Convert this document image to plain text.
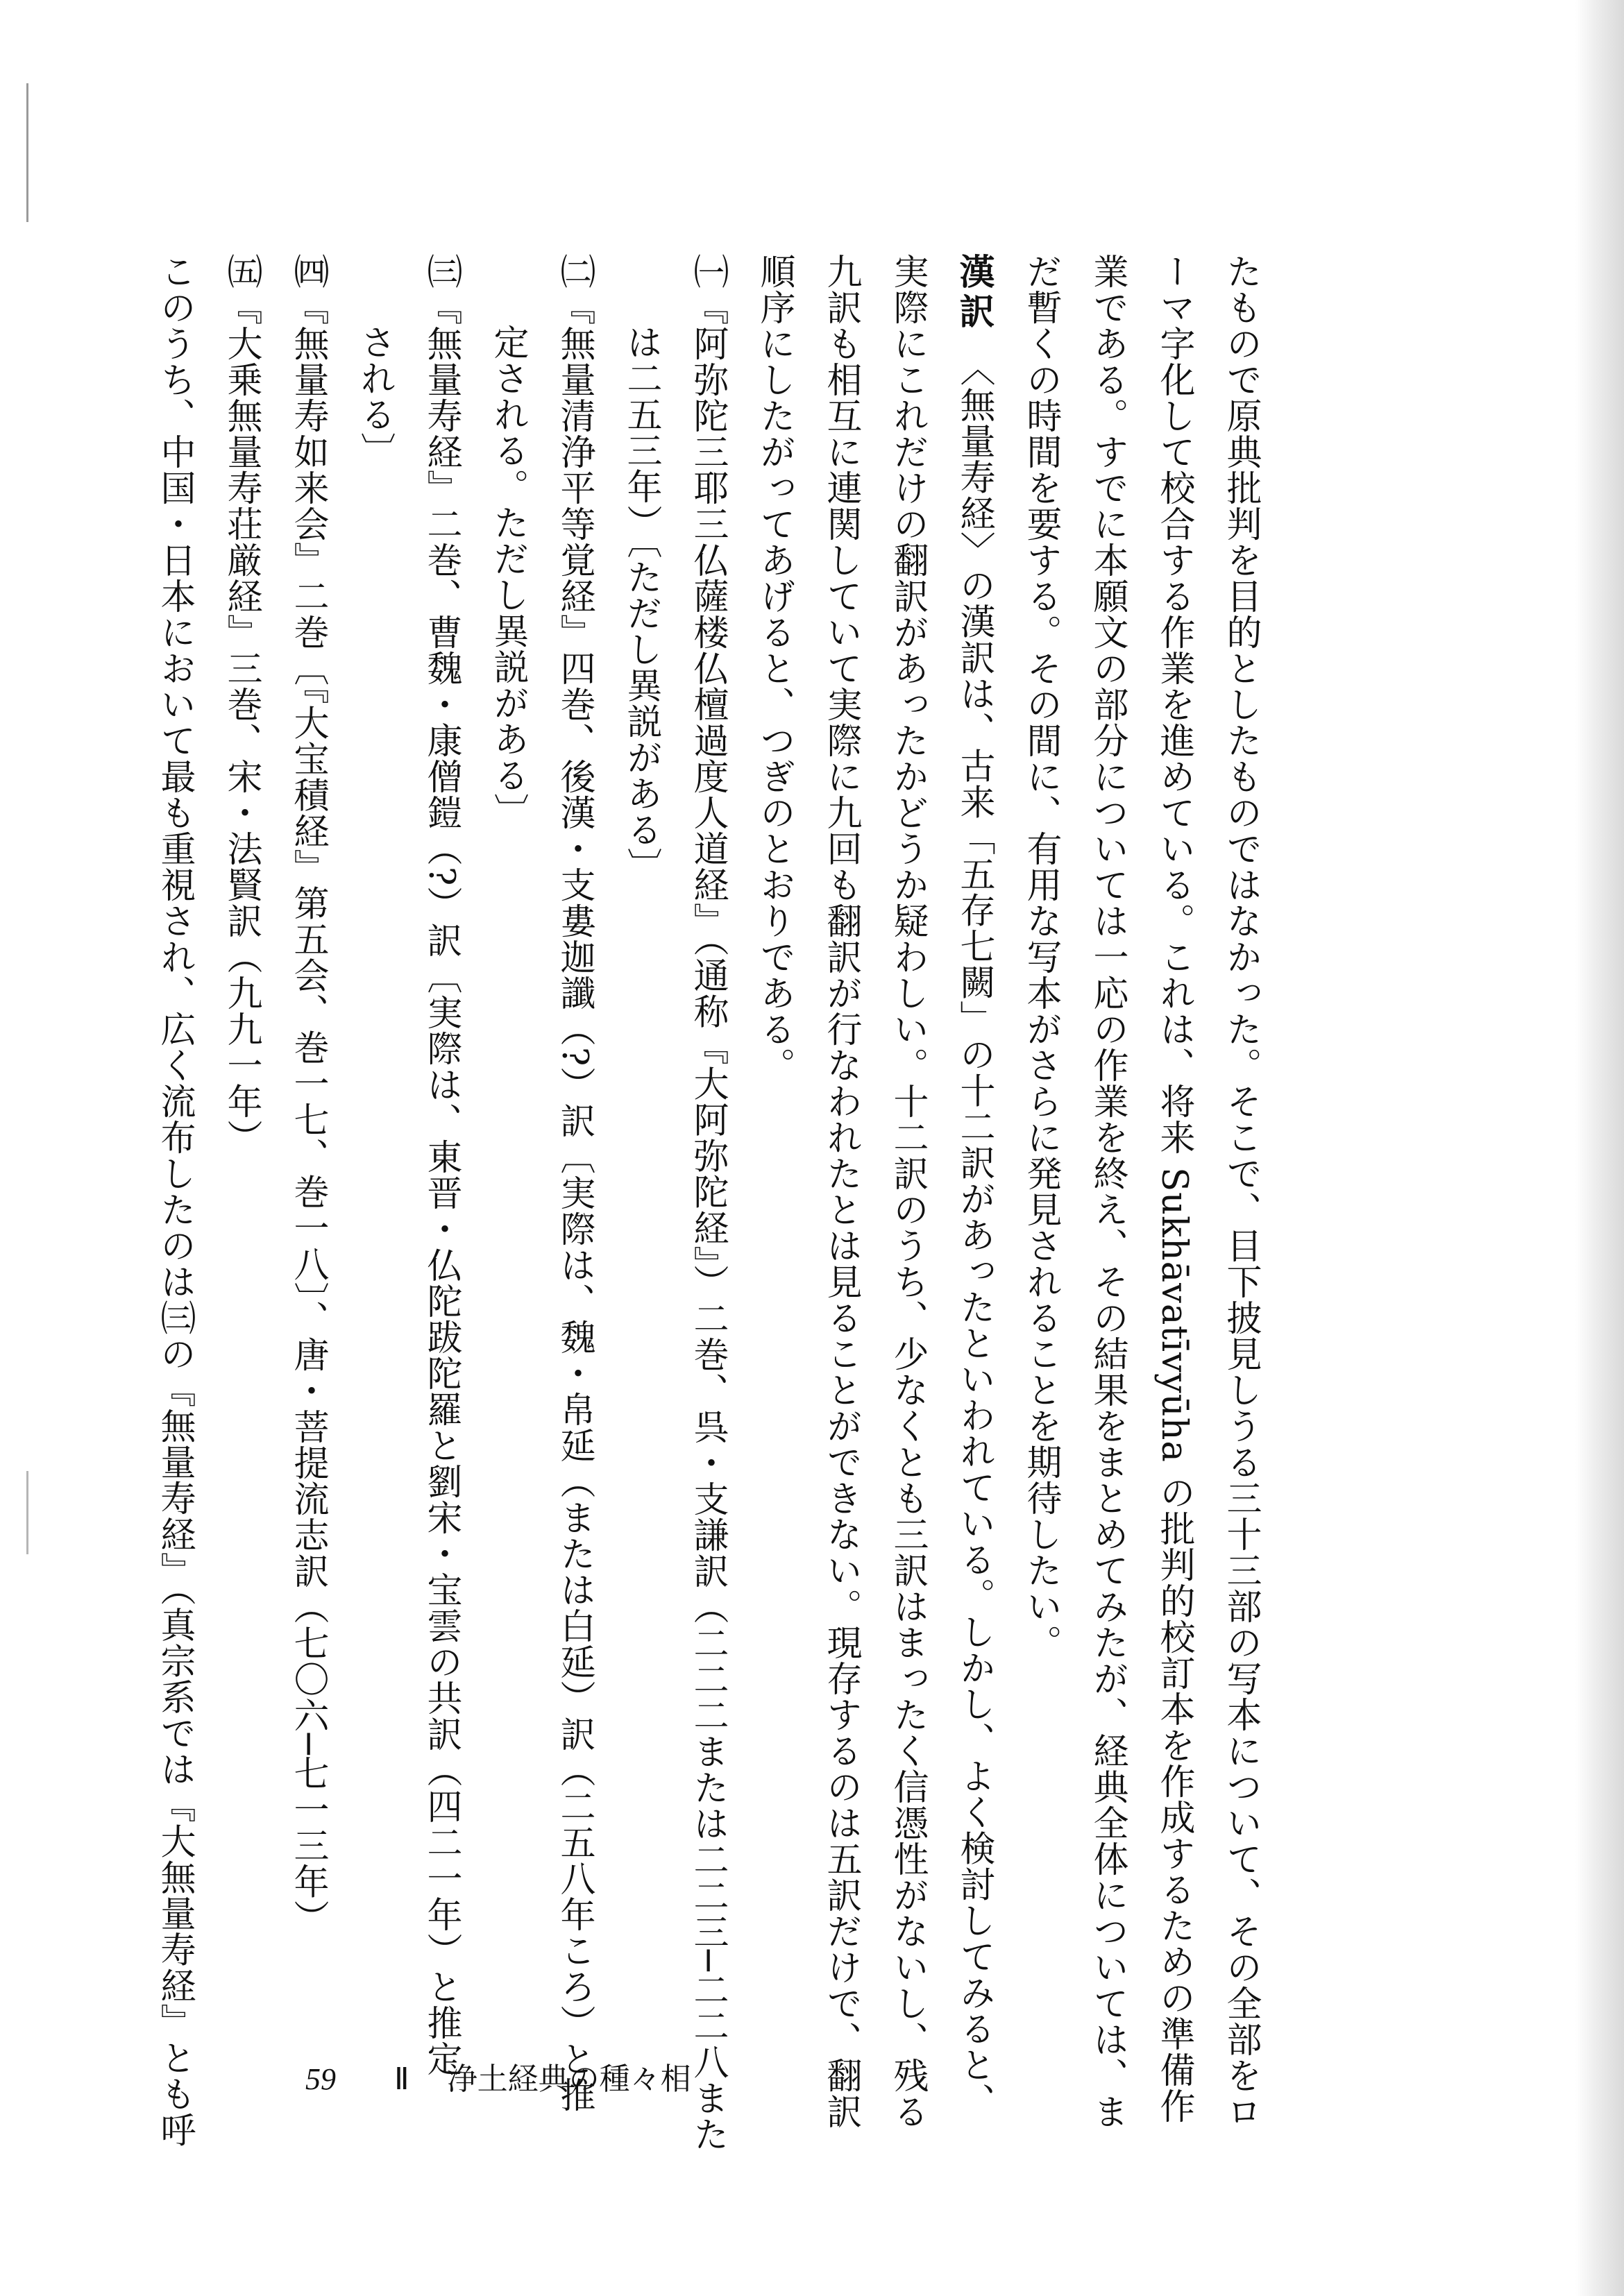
たもので原典批判を目的としたものではなかった。そこで、目下披見しうる三十三部の写本について、その全部をロ
ーマ字化して校合する作業を進めている。これは、将来 Sukhāvatīvyūha の批判的校訂本を作成するための準備作
業である。すでに本願文の部分については一応の作業を終え、その結果をまとめてみたが、経典全体については、ま
だ暫くの時間を要する。その間に、有用な写本がさらに発見されることを期待したい。
漢訳　〈無量寿経〉の漢訳は、古来「五存七闕」の十二訳があったといわれている。しかし、よく検討してみると、
実際にこれだけの翻訳があったかどうか疑わしい。十二訳のうち、少なくとも三訳はまったく信憑性がないし、残る
九訳も相互に連関していて実際に九回も翻訳が行なわれたとは見ることができない。現存するのは五訳だけで、翻訳
順序にしたがってあげると、つぎのとおりである。
㈠『阿弥陀三耶三仏薩楼仏檀過度人道経』（通称『大阿弥陀経』）二巻、呉・支謙訳（二二二または二二三─二二八また
は二五三年）〔ただし異説がある〕
㈡『無量清浄平等覚経』四巻、後漢・支婁迦讖（?）訳〔実際は、魏・帛延（または白延）訳（二五八年ころ）と推
定される。ただし異説がある〕
㈢『無量寿経』二巻、曹魏・康僧鎧（?）訳〔実際は、東晋・仏陀跋陀羅と劉宋・宝雲の共訳（四二一年）と推定
される〕
㈣『無量寿如来会』二巻〔『大宝積経』第五会、巻一七、巻一八〕、唐・菩提流志訳（七〇六─七一三年）
㈤『大乗無量寿荘厳経』三巻、宋・法賢訳（九九一年）
このうち、中国・日本において最も重視され、広く流布したのは㈢の『無量寿経』（真宗系では『大無量寿経』とも呼	59 Ⅱ 浄土経典の種々相
